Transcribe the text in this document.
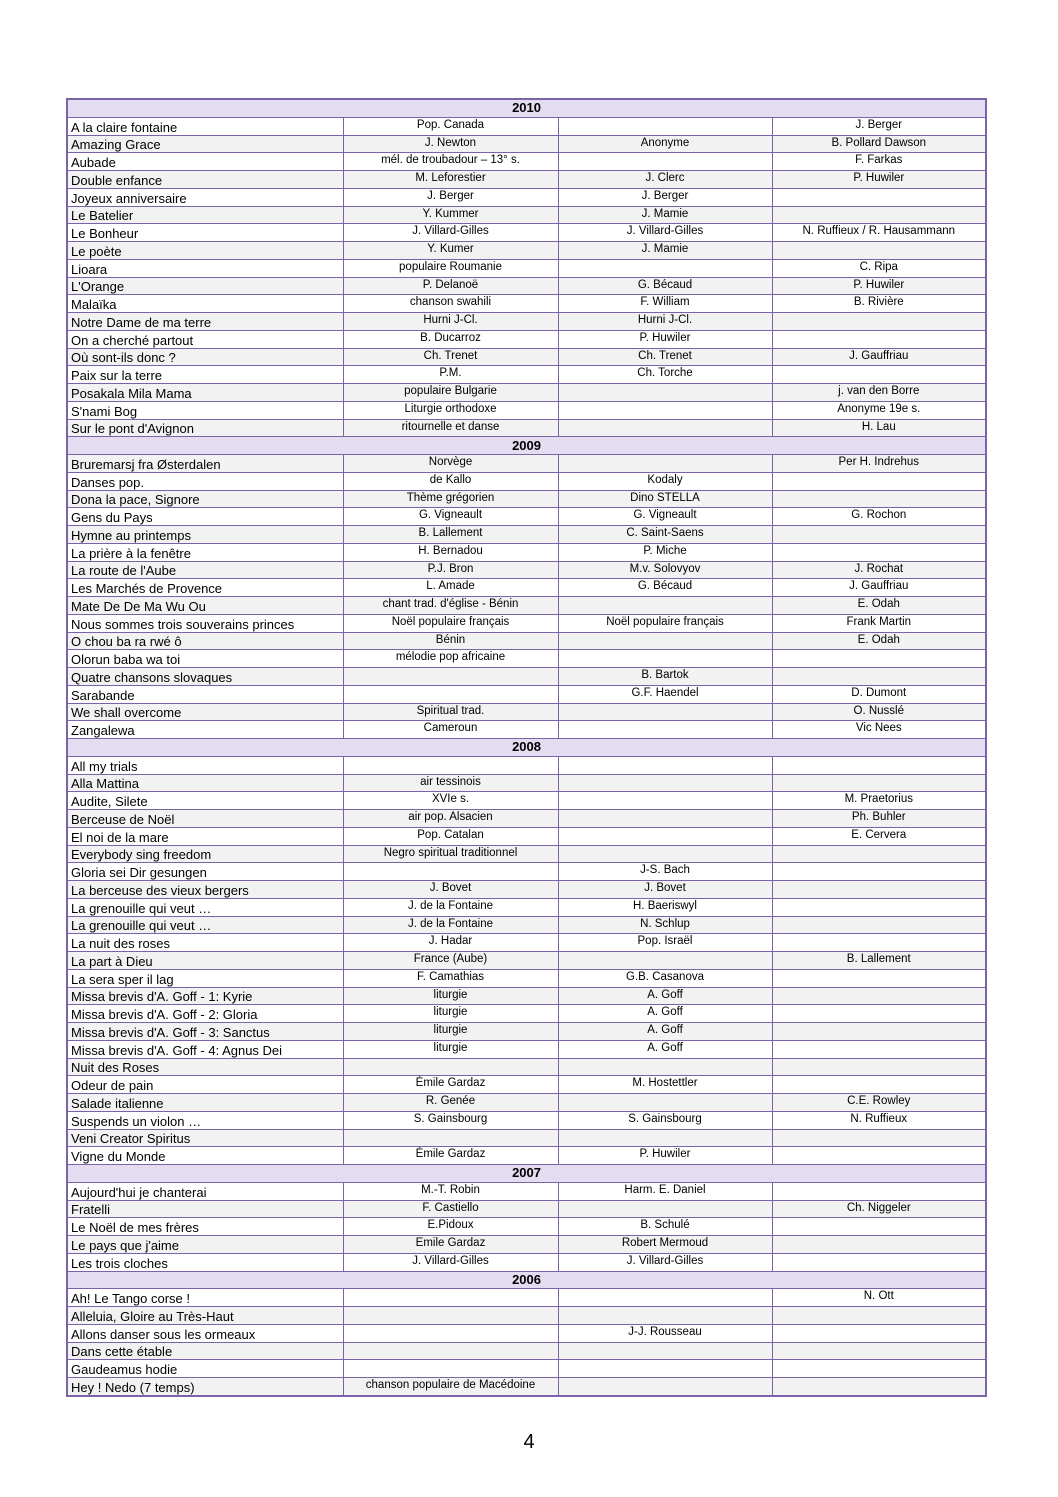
2010			
A la claire fontaine	Pop. Canada		J. Berger
Amazing Grace	J. Newton	Anonyme	B. Pollard Dawson
Aubade	mél. de troubadour – 13° s.		F. Farkas
Double enfance	M. Leforestier	J. Clerc	P. Huwiler
Joyeux anniversaire	J. Berger	J. Berger	
Le Batelier	Y. Kummer	J. Mamie	
Le Bonheur	J. Villard-Gilles	J. Villard-Gilles	N. Ruffieux / R. Hausammann
Le poète	Y. Kumer	J. Mamie	
Lioara	populaire Roumanie		C. Ripa
L'Orange	P. Delanoë	G. Bécaud	P. Huwiler
Malaïka	chanson swahili	F. William	B. Rivière
Notre Dame de ma terre	Hurni J-Cl.	Hurni J-Cl.	
On a cherché partout	B. Ducarroz	P. Huwiler	
Où sont-ils donc ?	Ch. Trenet	Ch. Trenet	J. Gauffriau
Paix sur la terre	P.M.	Ch. Torche	
Posakala Mila Mama	populaire Bulgarie		j. van den Borre
S'nami Bog	Liturgie orthodoxe		Anonyme 19e s.
Sur le pont d'Avignon	ritournelle et danse		H. Lau
2009			
Bruremarsj fra Østerdalen	Norvège		Per H. Indrehus
Danses pop.	de Kallo	Kodaly	
Dona la pace, Signore	Thème grégorien	Dino STELLA	
Gens du Pays	G. Vigneault	G. Vigneault	G. Rochon
Hymne au printemps	B. Lallement	C. Saint-Saens	
La prière à la fenêtre	H. Bernadou	P. Miche	
La route de l'Aube	P.J. Bron	M.v. Solovyov	J. Rochat
Les Marchés de Provence	L. Amade	G. Bécaud	J. Gauffriau
Mate De De Ma Wu Ou	chant trad. d'église - Bénin		E. Odah
Nous sommes trois souverains princes	Noël populaire français	Noël populaire français	Frank Martin
O chou ba ra rwé ô	Bénin		E. Odah
Olorun baba wa toi	mélodie pop africaine		
Quatre chansons slovaques		B. Bartok	
Sarabande		G.F. Haendel	D. Dumont
We shall overcome	Spiritual trad.		O. Nusslé
Zangalewa	Cameroun		Vic Nees
2008			
All my trials			
Alla Mattina	air tessinois		
Audite, Silete	XVIe s.		M. Praetorius
Berceuse de Noël	air pop. Alsacien		Ph. Buhler
El noi de la mare	Pop. Catalan		E. Cervera
Everybody sing freedom	Negro spiritual traditionnel		
Gloria sei Dir gesungen		J-S. Bach	
La berceuse des vieux bergers	J. Bovet	J. Bovet	
La grenouille qui veut …	J. de la Fontaine	H. Baeriswyl	
La grenouille qui veut …	J. de la Fontaine	N. Schlup	
La nuit des roses	J. Hadar	Pop. Israël	
La part à Dieu	France (Aube)		B. Lallement
La sera sper il lag	F. Camathias	G.B. Casanova	
Missa brevis d'A. Goff - 1: Kyrie	liturgie	A. Goff	
Missa brevis d'A. Goff - 2: Gloria	liturgie	A. Goff	
Missa brevis d'A. Goff - 3: Sanctus	liturgie	A. Goff	
Missa brevis d'A. Goff - 4: Agnus Dei	liturgie	A. Goff	
Nuit des Roses			
Odeur de pain	Émile Gardaz	M. Hostettler	
Salade italienne	R. Genée		C.E. Rowley
Suspends un violon …	S. Gainsbourg	S. Gainsbourg	N. Ruffieux
Veni Creator Spiritus			
Vigne du Monde	Émile Gardaz	P. Huwiler	
2007			
Aujourd'hui je chanterai	M.-T. Robin	Harm. E. Daniel	
Fratelli	F. Castiello		Ch. Niggeler
Le Noël de mes frères	E.Pidoux	B. Schulé	
Le pays que j'aime	Emile Gardaz	Robert Mermoud	
Les trois cloches	J. Villard-Gilles	J. Villard-Gilles	
2006			
Ah! Le Tango corse !			N. Ott
Alleluia, Gloire au Très-Haut			
Allons danser sous les ormeaux		J-J. Rousseau	
Dans cette étable			
Gaudeamus hodie			
Hey ! Nedo (7 temps)	chanson populaire de Macédoine		
4
